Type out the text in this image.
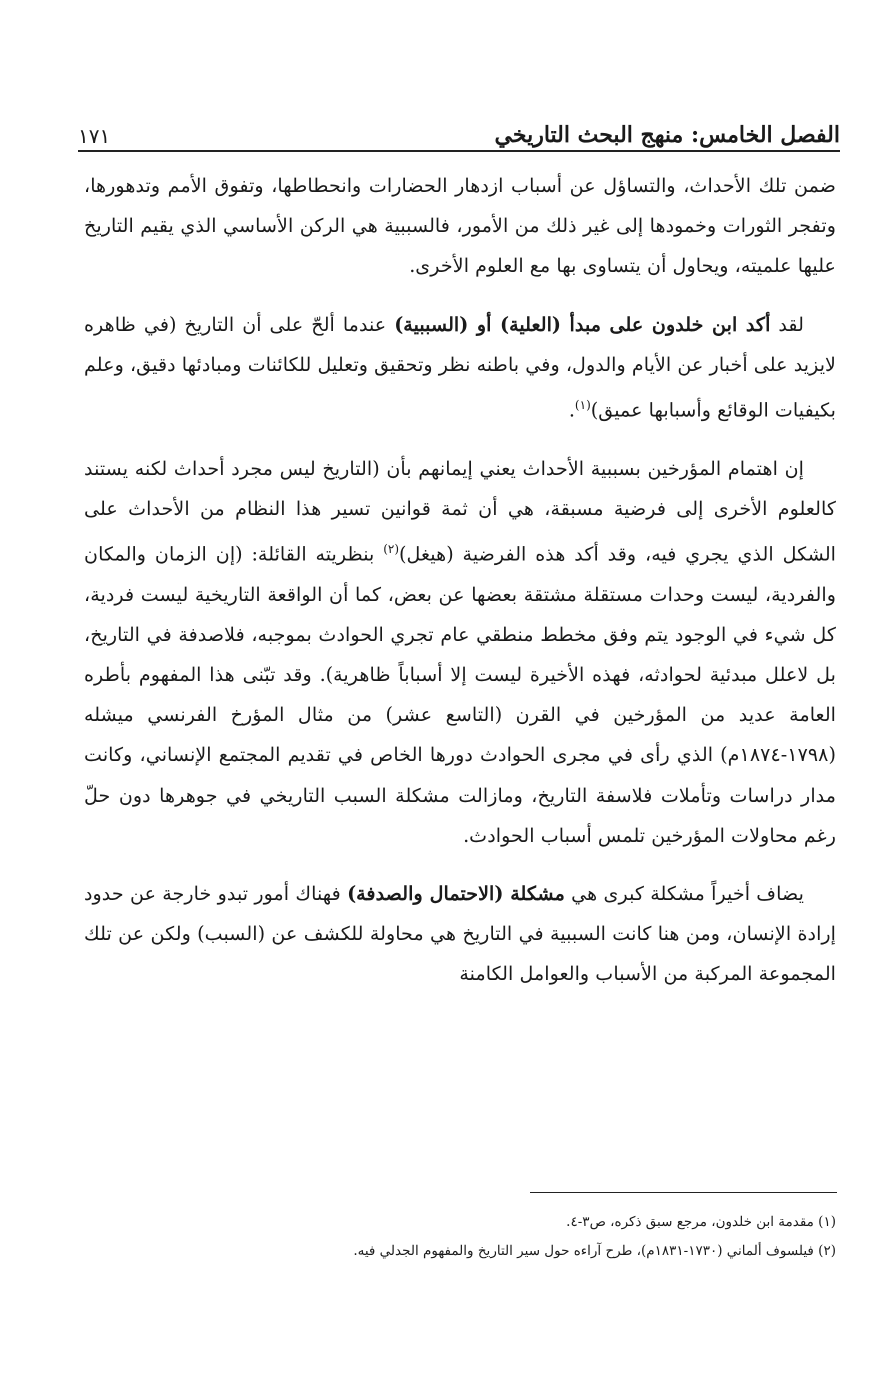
الفصل الخامس: منهج البحث التاريخي
١٧١

ضمن تلك الأحداث، والتساؤل عن أسباب ازدهار الحضارات وانحطاطها، وتفوق الأمم وتدهورها، وتفجر الثورات وخمودها إلى غير ذلك من الأمور، فالسببية هي الركن الأساسي الذي يقيم التاريخ عليها علميته، ويحاول أن يتساوى بها مع العلوم الأخرى.

لقد أكد ابن خلدون على مبدأ (العلية) أو (السببية) عندما ألحّ على أن التاريخ (في ظاهره لايزيد على أخبار عن الأيام والدول، وفي باطنه نظر وتحقيق وتعليل للكائنات ومبادئها دقيق، وعلم بكيفيات الوقائع وأسبابها عميق)$^{(١)}$.

إن اهتمام المؤرخين بسببية الأحداث يعني إيمانهم بأن (التاريخ ليس مجرد أحداث لكنه يستند كالعلوم الأخرى إلى فرضية مسبقة، هي أن ثمة قوانين تسير هذا النظام من الأحداث على الشكل الذي يجري فيه، وقد أكد هذه الفرضية (هيغل)$^{(٢)}$ بنظريته القائلة: (إن الزمان والمكان والفردية، ليست وحدات مستقلة مشتقة بعضها عن بعض، كما أن الواقعة التاريخية ليست فردية، كل شيء في الوجود يتم وفق مخطط منطقي عام تجري الحوادث بموجبه، فلاصدفة في التاريخ، بل لاعلل مبدئية لحوادثه، فهذه الأخيرة ليست إلا أسباباً ظاهرية). وقد تبّنى هذا المفهوم بأطره العامة عديد من المؤرخين في القرن (التاسع عشر) من مثال المؤرخ الفرنسي ميشله (١٧٩٨-١٨٧٤م) الذي رأى في مجرى الحوادث دورها الخاص في تقديم المجتمع الإنساني، وكانت مدار دراسات وتأملات فلاسفة التاريخ، ومازالت مشكلة السبب التاريخي في جوهرها دون حلّ رغم محاولات المؤرخين تلمس أسباب الحوادث.

يضاف أخيراً مشكلة كبرى هي مشكلة (الاحتمال والصدفة) فهناك أمور تبدو خارجة عن حدود إرادة الإنسان، ومن هنا كانت السببية في التاريخ هي محاولة للكشف عن (السبب) ولكن عن تلك المجموعة المركبة من الأسباب والعوامل الكامنة

(١) مقدمة ابن خلدون، مرجع سبق ذكره، ص٣-٤.

(٢) فيلسوف ألماني (١٧٣٠-١٨٣١م)، طرح آراءه حول سير التاريخ والمفهوم الجدلي فيه.
